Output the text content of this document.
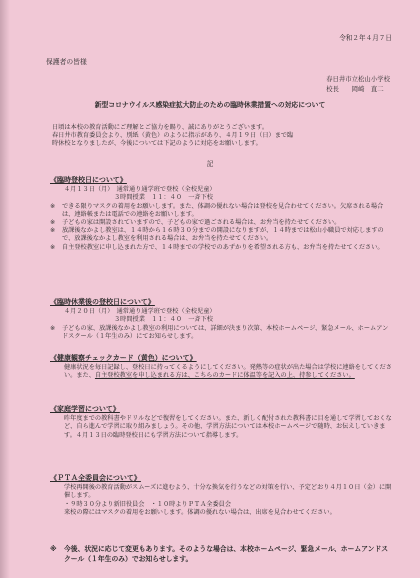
令和２年４月７日
保護者の皆様
春日井市立松山小学校
校長　　岡崎　直二
新型コロナウイルス感染症拡大防止のための臨時休業措置への対応について

日頃は本校の教育活動にご理解とご協力を賜り、誠にありがとうございます。

春日井市教育委員会より、別紙（黄色）のように指示があり、４月１９日（日）まで臨

時休校となりましたが、今後については下記のように対応をお願いします。

記
《臨時登校日について》
４月１３日（月）　通常通り通学班で登校（全校児童）
３時間授業　１１：４０　一斉下校
※	できる限りマスクの着用をお願いします。また、体調の優れない場合は登校を見合わせてください。欠席される場合は、連絡帳または電話での連絡をお願いします。
※	子どもの家は開設されていますので、子どもの家で過ごされる場合は、お弁当を持たせてください。
※	放課後なかよし教室は、１４時から１６時３０分までの開設になりますが、１４時までは松山小職員で対応しますので、放課後なかよし教室を利用される場合は、お弁当を持たせてください。
※	自主登校教室に申し込まれた方で、１４時までの学校でのあずかりを希望される方も、お弁当を持たせてください。
《臨時休業後の登校日について》
４月２０日（月）　通常通り通学班で登校（全校児童）
３時間授業　１１：４０　一斉下校
※	子どもの家、放課後なかよし教室の利用については、詳細が決まり次第、本校ホームページ、緊急メール、ホームアンドスクール（１年生のみ）にてお知らせします。
《健康観察チェックカード（黄色）について》
健康状況を毎日記録し、登校日に持ってくるようにしてください。発熱等の症状が出た場合は学校に連絡をしてください。また、自主登校教室を申し込まれる方は、こちらのカードに体温等を記入の上、持参してください。
《家庭学習について》
昨年度までの教科書やドリルなどで復習をしてください。また、新しく配付された教科書に目を通して学習しておくなど、自ら進んで学習に取り組みましょう。その他、学習方法については本校ホームページで随時、お伝えしていきます。４月１３日の臨時登校日にも学習方法について指導します。
《ＰＴＡ全委員会について》
学校再開後の教育活動がスムーズに進むよう、十分な換気を行うなどの対策を行い、予定どおり４月１０日（金）に開催します。
・９時３０分より新旧役員会　・１０時よりＰＴＡ全委員会
来校の際にはマスクの着用をお願いします。体調の優れない場合は、出席を見合わせてください。
※	今後、状況に応じて変更もあります。そのような場合は、本校ホームページ、緊急メール、ホームアンドスクール（１年生のみ）でお知らせします。
